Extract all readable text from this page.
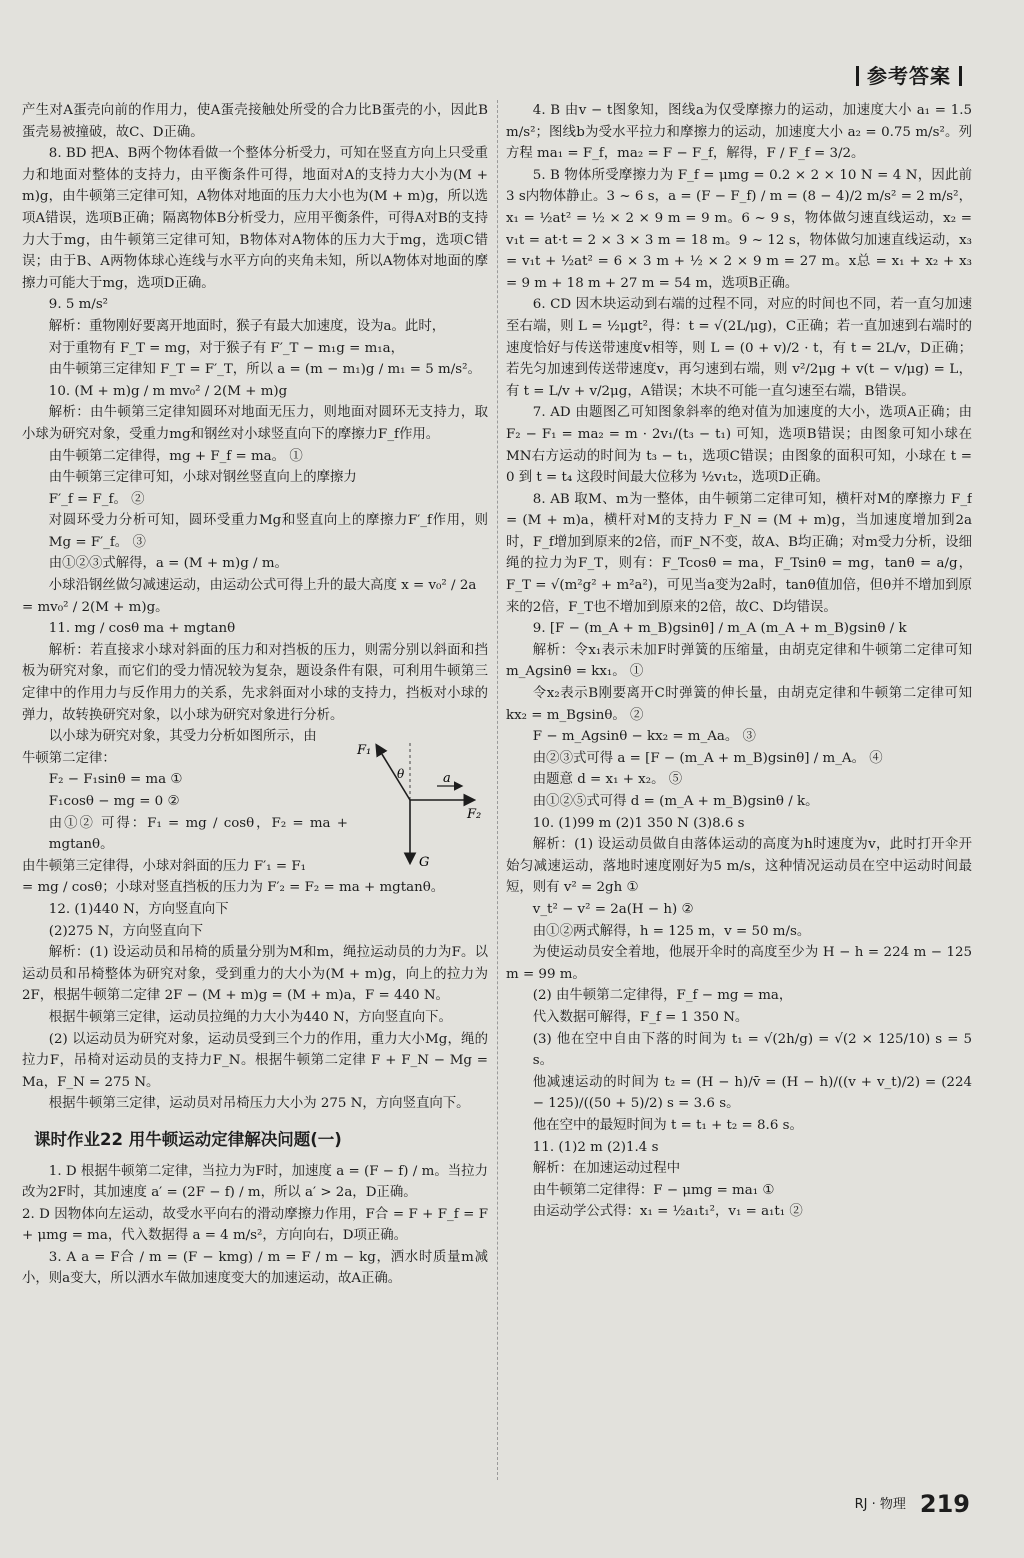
参考答案

产生对A蛋壳向前的作用力，使A蛋壳接触处所受的合力比B蛋壳的小，因此B蛋壳易被撞破，故C、D正确。

8. BD 把A、B两个物体看做一个整体分析受力，可知在竖直方向上只受重力和地面对整体的支持力，由平衡条件可得，地面对A的支持力大小为(M + m)g，由牛顿第三定律可知，A物体对地面的压力大小也为(M + m)g，所以选项A错误，选项B正确；隔离物体B分析受力，应用平衡条件，可得A对B的支持力大于mg，由牛顿第三定律可知，B物体对A物体的压力大于mg，选项C错误；由于B、A两物体球心连线与水平方向的夹角未知，所以A物体对地面的摩擦力可能大于mg，选项D正确。

9. 5 m/s²

解析：重物刚好要离开地面时，猴子有最大加速度，设为a。此时，

对于重物有 F_T = mg，对于猴子有 F′_T − m₁g = m₁a，

由牛顿第三定律知 F_T = F′_T，所以 a = (m − m₁)g / m₁ = 5 m/s²。

10. (M + m)g / m mv₀² / 2(M + m)g

解析：由牛顿第三定律知圆环对地面无压力，则地面对圆环无支持力，取小球为研究对象，受重力mg和钢丝对小球竖直向下的摩擦力F_f作用。

由牛顿第二定律得，mg + F_f = ma。 ①

由牛顿第三定律可知，小球对钢丝竖直向上的摩擦力

F′_f = F_f。 ②

对圆环受力分析可知，圆环受重力Mg和竖直向上的摩擦力F′_f作用，则 Mg = F′_f。 ③

由①②③式解得，a = (M + m)g / m。

小球沿钢丝做匀减速运动，由运动公式可得上升的最大高度 x = v₀² / 2a

= mv₀² / 2(M + m)g。

11. mg / cosθ ma + mgtanθ

解析：若直接求小球对斜面的压力和对挡板的压力，则需分别以斜面和挡板为研究对象，而它们的受力情况较为复杂，题设条件有限，可利用牛顿第三定律中的作用力与反作用力的关系，先求斜面对小球的支持力，挡板对小球的弹力，故转换研究对象，以小球为研究对象进行分析。

以小球为研究对象，其受力分析如图所示，由

牛顿第二定律：

F₂ − F₁sinθ = ma ①

F₁cosθ − mg = 0 ②

由①② 可得：F₁ = mg / cosθ，F₂ = ma + mgtanθ。

由牛顿第三定律得，小球对斜面的压力 F′₁ = F₁

= mg / cosθ；小球对竖直挡板的压力为 F′₂ = F₂ = ma + mgtanθ。

12. (1)440 N，方向竖直向下

(2)275 N，方向竖直向下

解析：(1) 设运动员和吊椅的质量分别为M和m，绳拉运动员的力为F。以运动员和吊椅整体为研究对象，受到重力的大小为(M + m)g，向上的拉力为2F，根据牛顿第二定律 2F − (M + m)g = (M + m)a，F = 440 N。

根据牛顿第三定律，运动员拉绳的力大小为440 N，方向竖直向下。

(2) 以运动员为研究对象，运动员受到三个力的作用，重力大小Mg，绳的拉力F，吊椅对运动员的支持力F_N。根据牛顿第二定律 F + F_N − Mg = Ma，F_N = 275 N。

根据牛顿第三定律，运动员对吊椅压力大小为 275 N，方向竖直向下。

课时作业22 用牛顿运动定律解决问题(一)

1. D 根据牛顿第二定律，当拉力为F时，加速度 a = (F − f) / m。当拉力改为2F时，其加速度 a′ = (2F − f) / m，所以 a′ > 2a，D正确。

2. D 因物体向左运动，故受水平向右的滑动摩擦力作用，F合 = F + F_f = F + μmg = ma，代入数据得 a = 4 m/s²，方向向右，D项正确。

3. A a = F合 / m = (F − kmg) / m = F / m − kg，洒水时质量m减小，则a变大，所以洒水车做加速度变大的加速运动，故A正确。

F₁
θ	a
F₂
G

4. B 由v − t图象知，图线a为仅受摩擦力的运动，加速度大小 a₁ = 1.5 m/s²；图线b为受水平拉力和摩擦力的运动，加速度大小 a₂ = 0.75 m/s²。列方程 ma₁ = F_f，ma₂ = F − F_f，解得，F / F_f = 3/2。

5. B 物体所受摩擦力为 F_f = μmg = 0.2 × 2 × 10 N = 4 N，因此前3 s内物体静止。3 ~ 6 s，a = (F − F_f) / m = (8 − 4)/2 m/s² = 2 m/s²，x₁ = ½at² = ½ × 2 × 9 m = 9 m。6 ~ 9 s，物体做匀速直线运动，x₂ = v₁t = at·t = 2 × 3 × 3 m = 18 m。9 ~ 12 s，物体做匀加速直线运动，x₃ = v₁t + ½at² = 6 × 3 m + ½ × 2 × 9 m = 27 m。x总 = x₁ + x₂ + x₃ = 9 m + 18 m + 27 m = 54 m，选项B正确。

6. CD 因木块运动到右端的过程不同，对应的时间也不同，若一直匀加速至右端，则 L = ½μgt²，得：t = √(2L/μg)，C正确；若一直加速到右端时的速度恰好与传送带速度v相等，则 L = (0 + v)/2 · t，有 t = 2L/v，D正确；若先匀加速到传送带速度v，再匀速到右端，则 v²/2μg + v(t − v/μg) = L，有 t = L/v + v/2μg，A错误；木块不可能一直匀速至右端，B错误。

7. AD 由题图乙可知图象斜率的绝对值为加速度的大小，选项A正确；由 F₂ − F₁ = ma₂ = m · 2v₁/(t₃ − t₁) 可知，选项B错误；由图象可知小球在MN右方运动的时间为 t₃ − t₁，选项C错误；由图象的面积可知，小球在 t = 0 到 t = t₄ 这段时间最大位移为 ½v₁t₂，选项D正确。

8. AB 取M、m为一整体，由牛顿第二定律可知，横杆对M的摩擦力 F_f = (M + m)a，横杆对M的支持力 F_N = (M + m)g，当加速度增加到2a时，F_f增加到原来的2倍，而F_N不变，故A、B均正确；对m受力分析，设细绳的拉力为F_T，则有：F_Tcosθ = ma，F_Tsinθ = mg，tanθ = a/g，F_T = √(m²g² + m²a²)，可见当a变为2a时，tanθ值加倍，但θ并不增加到原来的2倍，F_T也不增加到原来的2倍，故C、D均错误。

9. [F − (m_A + m_B)gsinθ] / m_A (m_A + m_B)gsinθ / k

解析：令x₁表示未加F时弹簧的压缩量，由胡克定律和牛顿第二定律可知 m_Agsinθ = kx₁。 ①

令x₂表示B刚要离开C时弹簧的伸长量，由胡克定律和牛顿第二定律可知 kx₂ = m_Bgsinθ。 ②

F − m_Agsinθ − kx₂ = m_Aa。 ③

由②③式可得 a = [F − (m_A + m_B)gsinθ] / m_A。 ④

由题意 d = x₁ + x₂。 ⑤

由①②⑤式可得 d = (m_A + m_B)gsinθ / k。

10. (1)99 m (2)1 350 N (3)8.6 s

解析：(1) 设运动员做自由落体运动的高度为h时速度为v，此时打开伞开始匀减速运动，落地时速度刚好为5 m/s，这种情况运动员在空中运动时间最短，则有 v² = 2gh ①

v_t² − v² = 2a(H − h) ②

由①②两式解得，h = 125 m，v = 50 m/s。

为使运动员安全着地，他展开伞时的高度至少为 H − h = 224 m − 125 m = 99 m。

(2) 由牛顿第二定律得，F_f − mg = ma，

代入数据可解得，F_f = 1 350 N。

(3) 他在空中自由下落的时间为 t₁ = √(2h/g) = √(2 × 125/10) s = 5 s。

他减速运动的时间为 t₂ = (H − h)/v̄ = (H − h)/((v + v_t)/2) = (224 − 125)/((50 + 5)/2) s = 3.6 s。

他在空中的最短时间为 t = t₁ + t₂ = 8.6 s。

11. (1)2 m (2)1.4 s

解析：在加速运动过程中

由牛顿第二定律得：F − μmg = ma₁ ①

由运动学公式得：x₁ = ½a₁t₁²，v₁ = a₁t₁ ②

$^{RJ \cdot 物理}$ 219
